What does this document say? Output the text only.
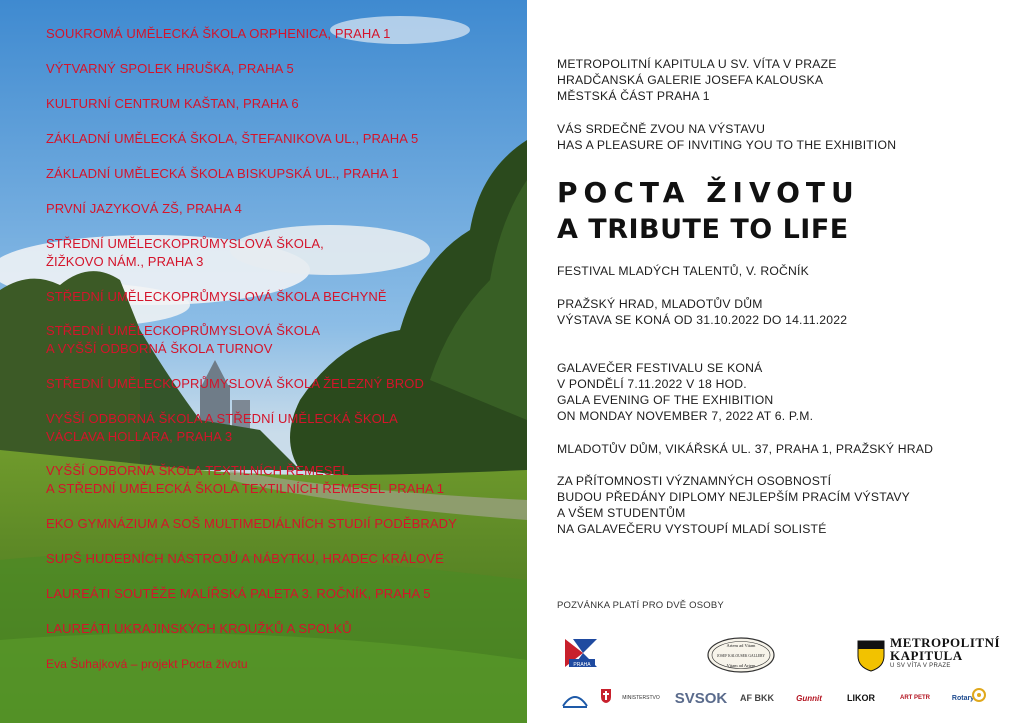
SOUKROMÁ UMĚLECKÁ ŠKOLA ORPHENICA, PRAHA 1
VÝTVARNÝ SPOLEK HRUŠKA, PRAHA 5
KULTURNÍ CENTRUM KAŠTAN, PRAHA 6
ZÁKLADNÍ UMĚLECKÁ ŠKOLA, ŠTEFANIKOVA UL., PRAHA 5
ZÁKLADNÍ UMĚLECKÁ ŠKOLA BISKUPSKÁ UL., PRAHA 1
PRVNÍ JAZYKOVÁ ZŠ, PRAHA 4
STŘEDNÍ UMĚLECKOPRŮMYSLOVÁ ŠKOLA,
ŽIŽKOVO NÁM., PRAHA 3
STŘEDNÍ UMĚLECKOPRŮMYSLOVÁ ŠKOLA BECHYNĚ
STŘEDNÍ UMĚLECKOPRŮMYSLOVÁ ŠKOLA
A VYŠŠÍ ODBORNÁ ŠKOLA TURNOV
STŘEDNÍ UMĚLECKOPRŮMYSLOVÁ ŠKOLA ŽELEZNÝ BROD
VYŠŠÍ ODBORNÁ ŠKOLA A STŘEDNÍ UMĚLECKÁ ŠKOLA
VÁCLAVA HOLLARA, PRAHA 3
VYŠŠÍ ODBORNÁ ŠKOLA TEXTILNÍCH ŘEMESEL
A STŘEDNÍ UMĚLECKÁ ŠKOLA TEXTILNÍCH ŘEMESEL PRAHA 1
EKO GYMNÁZIUM A SOŠ MULTIMEDIÁLNÍCH STUDIÍ PODĚBRADY
SUPŠ HUDEBNÍCH NÁSTROJŮ A NÁBYTKU, HRADEC KRÁLOVÉ
LAUREÁTI SOUTĚŽE MALÍŘSKÁ PALETA 3. ROČNÍK, PRAHA 5
LAUREÁTI UKRAJINSKÝCH KROUŽKŮ A SPOLKŮ
Eva Šuhajková – projekt Pocta životu
METROPOLITNÍ KAPITULA U SV. VÍTA V PRAZE
HRADČANSKÁ GALERIE JOSEFA KALOUSKA
MĚSTSKÁ ČÁST PRAHA 1
VÁS SRDEČNĚ ZVOU NA VÝSTAVU
HAS A PLEASURE OF INVITING YOU TO THE EXHIBITION
POCTA ŽIVOTU
A TRIBUTE TO LIFE
FESTIVAL MLADÝCH TALENTŮ, V. ROČNÍK
PRAŽSKÝ HRAD, MLADOTŮV DŮM
VÝSTAVA SE KONÁ OD 31.10.2022 DO 14.11.2022
GALAVEČER FESTIVALU SE KONÁ
V PONDĚLÍ 7.11.2022 V 18 HOD.
GALA EVENING OF THE EXHIBITION
ON MONDAY NOVEMBER 7, 2022 AT 6. P.M.
MLADOTŮV DŮM, VIKÁŘSKÁ UL. 37, PRAHA 1, PRAŽSKÝ HRAD
ZA PŘÍTOMNOSTI VÝZNAMNÝCH OSOBNOSTÍ
BUDOU PŘEDÁNY DIPLOMY NEJLEPŠÍM PRACÍM VÝSTAVY
A VŠEM STUDENTŮM
NA GALAVEČERU VYSTOUPÍ MLADÍ SOLISTÉ
POZVÁNKA PLATÍ PRO DVĚ OSOBY
PRAHA
Artem ad Vitam
JOSEF KALOUSEK GALLERY
Vitam ad Artem
METROPOLITNÍ
KAPITULA
U SV VÍTA V PRAZE
MINISTERSTVO SVSOK	AF BKK	Gunnit	LIKOR	ART PETR	Rotary
